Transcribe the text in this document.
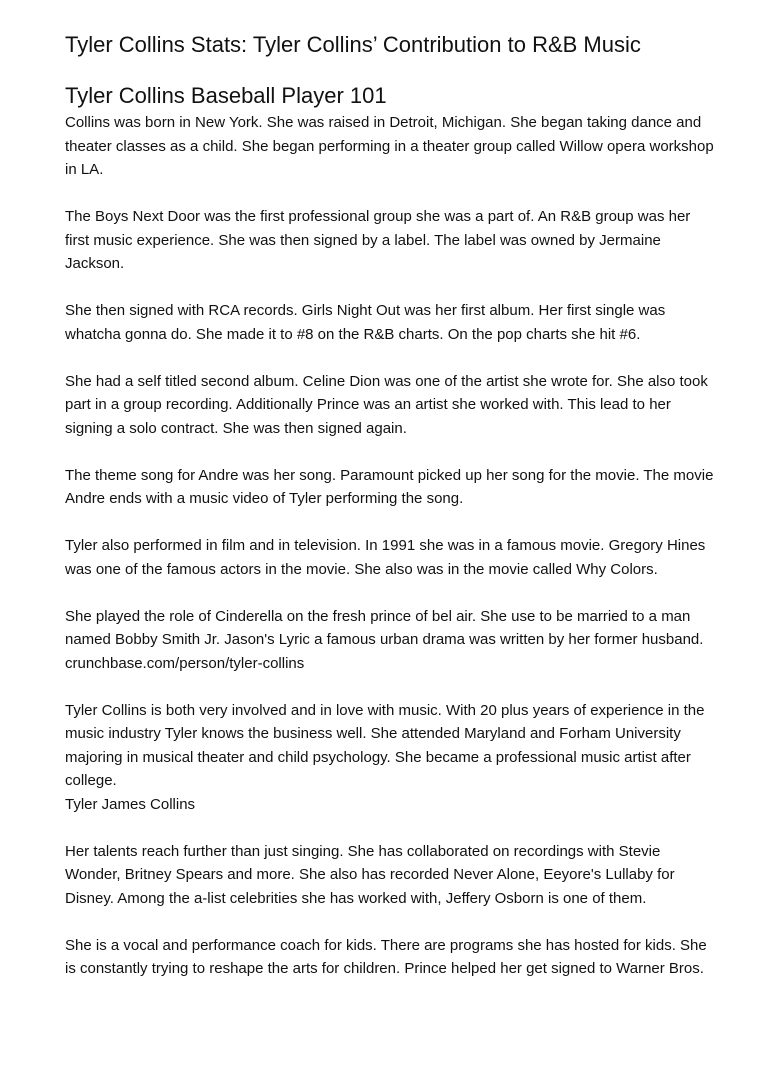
Tyler Collins Stats: Tyler Collins’ Contribution to R&B Music
Tyler Collins Baseball Player 101

Collins was born in New York. She was raised in Detroit, Michigan. She began taking dance and theater classes as a child. She began performing in a theater group called Willow opera workshop in LA.

The Boys Next Door was the first professional group she was a part of. An R&B group was her first music experience. She was then signed by a label. The label was owned by Jermaine Jackson.

She then signed with RCA records. Girls Night Out was her first album. Her first single was whatcha gonna do. She made it to #8 on the R&B charts. On the pop charts she hit #6.

She had a self titled second album. Celine Dion was one of the artist she wrote for. She also took part in a group recording. Additionally Prince was an artist she worked with. This lead to her signing a solo contract. She was then signed again.

The theme song for Andre was her song. Paramount picked up her song for the movie. The movie Andre ends with a music video of Tyler performing the song.

Tyler also performed in film and in television. In 1991 she was in a famous movie. Gregory Hines was one of the famous actors in the movie. She also was in the movie called Why Colors.

She played the role of Cinderella on the fresh prince of bel air. She use to be married to a man named Bobby Smith Jr. Jason's Lyric a famous urban drama was written by her former husband.
crunchbase.com/person/tyler-collins

Tyler Collins is both very involved and in love with music. With 20 plus years of experience in the music industry Tyler knows the business well. She attended Maryland and Forham University majoring in musical theater and child psychology. She became a professional music artist after college.
Tyler James Collins

Her talents reach further than just singing. She has collaborated on recordings with Stevie Wonder, Britney Spears and more. She also has recorded Never Alone, Eeyore's Lullaby for Disney. Among the a-list celebrities she has worked with, Jeffery Osborn is one of them.

She is a vocal and performance coach for kids. There are programs she has hosted for kids. She is constantly trying to reshape the arts for children. Prince helped her get signed to Warner Bros.
